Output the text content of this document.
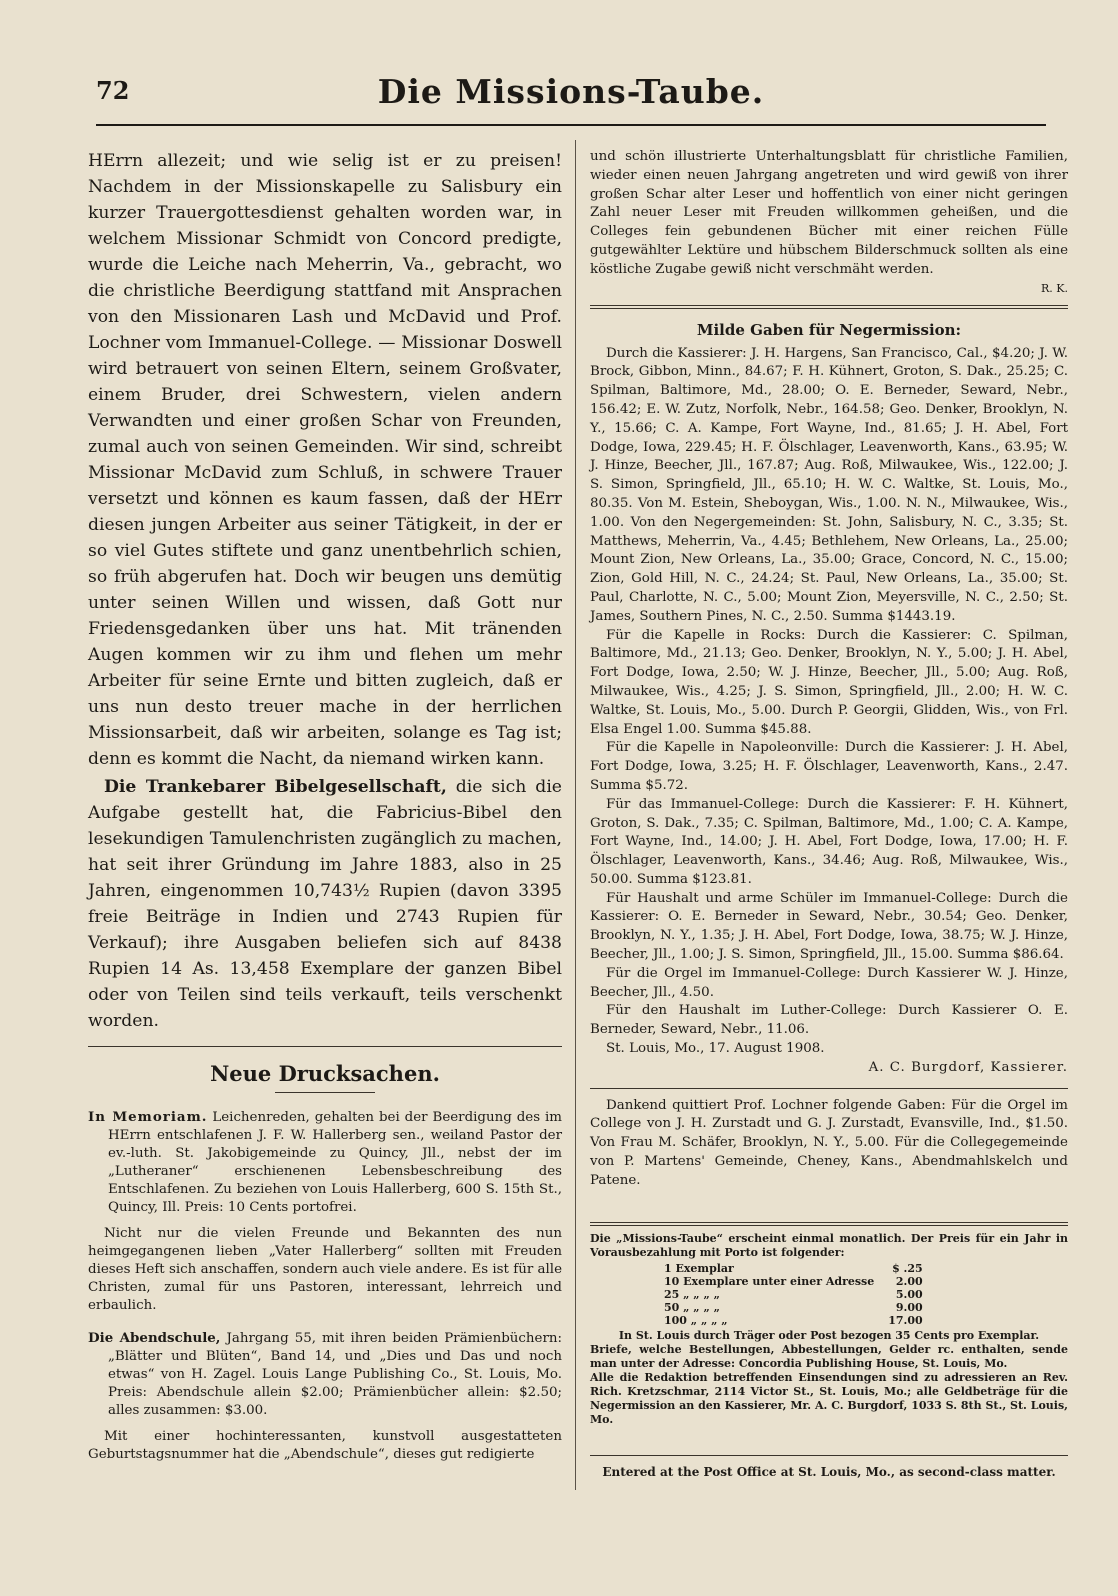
72	Die Missions-Taube.

HErrn allezeit; und wie selig ist er zu preisen! Nachdem in der Missionskapelle zu Salisbury ein kurzer Trauergottesdienst gehalten worden war, in welchem Missionar Schmidt von Concord predigte, wurde die Leiche nach Meherrin, Va., gebracht, wo die christliche Beerdigung stattfand mit Ansprachen von den Missionaren Lash und McDavid und Prof. Lochner vom Immanuel-College. — Missionar Doswell wird betrauert von seinen Eltern, seinem Großvater, einem Bruder, drei Schwestern, vielen andern Verwandten und einer großen Schar von Freunden, zumal auch von seinen Gemeinden. Wir sind, schreibt Missionar McDavid zum Schluß, in schwere Trauer versetzt und können es kaum fassen, daß der HErr diesen jungen Arbeiter aus seiner Tätigkeit, in der er so viel Gutes stiftete und ganz unentbehrlich schien, so früh abgerufen hat. Doch wir beugen uns demütig unter seinen Willen und wissen, daß Gott nur Friedensgedanken über uns hat. Mit tränenden Augen kommen wir zu ihm und flehen um mehr Arbeiter für seine Ernte und bitten zugleich, daß er uns nun desto treuer mache in der herrlichen Missionsarbeit, daß wir arbeiten, solange es Tag ist; denn es kommt die Nacht, da niemand wirken kann.

Die Trankebarer Bibelgesellschaft, die sich die Aufgabe gestellt hat, die Fabricius-Bibel den lesekundigen Tamulenchristen zugänglich zu machen, hat seit ihrer Gründung im Jahre 1883, also in 25 Jahren, eingenommen 10,743½ Rupien (davon 3395 freie Beiträge in Indien und 2743 Rupien für Verkauf); ihre Ausgaben beliefen sich auf 8438 Rupien 14 As. 13,458 Exemplare der ganzen Bibel oder von Teilen sind teils verkauft, teils verschenkt worden.

Neue Drucksachen.

In Memoriam. Leichenreden, gehalten bei der Beerdigung des im HErrn entschlafenen J. F. W. Hallerberg sen., weiland Pastor der ev.-luth. St. Jakobigemeinde zu Quincy, Jll., nebst der im „Lutheraner“ erschienenen Lebensbeschreibung des Entschlafenen. Zu beziehen von Louis Hallerberg, 600 S. 15th St., Quincy, Ill. Preis: 10 Cents portofrei.

Nicht nur die vielen Freunde und Bekannten des nun heimgegangenen lieben „Vater Hallerberg“ sollten mit Freuden dieses Heft sich anschaffen, sondern auch viele andere. Es ist für alle Christen, zumal für uns Pastoren, interessant, lehrreich und erbaulich.

Die Abendschule, Jahrgang 55, mit ihren beiden Prämienbüchern: „Blätter und Blüten“, Band 14, und „Dies und Das und noch etwas“ von H. Zagel. Louis Lange Publishing Co., St. Louis, Mo. Preis: Abendschule allein $2.00; Prämienbücher allein: $2.50; alles zusammen: $3.00.

Mit einer hochinteressanten, kunstvoll ausgestatteten Geburtstagsnummer hat die „Abendschule“, dieses gut redigierte

und schön illustrierte Unterhaltungsblatt für christliche Familien, wieder einen neuen Jahrgang angetreten und wird gewiß von ihrer großen Schar alter Leser und hoffentlich von einer nicht geringen Zahl neuer Leser mit Freuden willkommen geheißen, und die Colleges fein gebundenen Bücher mit einer reichen Fülle gutgewählter Lektüre und hübschem Bilderschmuck sollten als eine köstliche Zugabe gewiß nicht verschmäht werden.

R. K.

Milde Gaben für Negermission:

Durch die Kassierer: J. H. Hargens, San Francisco, Cal., $4.20; J. W. Brock, Gibbon, Minn., 84.67; F. H. Kühnert, Groton, S. Dak., 25.25; C. Spilman, Baltimore, Md., 28.00; O. E. Berneder, Seward, Nebr., 156.42; E. W. Zutz, Norfolk, Nebr., 164.58; Geo. Denker, Brooklyn, N. Y., 15.66; C. A. Kampe, Fort Wayne, Ind., 81.65; J. H. Abel, Fort Dodge, Iowa, 229.45; H. F. Ölschlager, Leavenworth, Kans., 63.95; W. J. Hinze, Beecher, Jll., 167.87; Aug. Roß, Milwaukee, Wis., 122.00; J. S. Simon, Springfield, Jll., 65.10; H. W. C. Waltke, St. Louis, Mo., 80.35. Von M. Estein, Sheboygan, Wis., 1.00. N. N., Milwaukee, Wis., 1.00. Von den Negergemeinden: St. John, Salisbury, N. C., 3.35; St. Matthews, Meherrin, Va., 4.45; Bethlehem, New Orleans, La., 25.00; Mount Zion, New Orleans, La., 35.00; Grace, Concord, N. C., 15.00; Zion, Gold Hill, N. C., 24.24; St. Paul, New Orleans, La., 35.00; St. Paul, Charlotte, N. C., 5.00; Mount Zion, Meyersville, N. C., 2.50; St. James, Southern Pines, N. C., 2.50. Summa $1443.19.

Für die Kapelle in Rocks: Durch die Kassierer: C. Spilman, Baltimore, Md., 21.13; Geo. Denker, Brooklyn, N. Y., 5.00; J. H. Abel, Fort Dodge, Iowa, 2.50; W. J. Hinze, Beecher, Jll., 5.00; Aug. Roß, Milwaukee, Wis., 4.25; J. S. Simon, Springfield, Jll., 2.00; H. W. C. Waltke, St. Louis, Mo., 5.00. Durch P. Georgii, Glidden, Wis., von Frl. Elsa Engel 1.00. Summa $45.88.

Für die Kapelle in Napoleonville: Durch die Kassierer: J. H. Abel, Fort Dodge, Iowa, 3.25; H. F. Ölschlager, Leavenworth, Kans., 2.47. Summa $5.72.

Für das Immanuel-College: Durch die Kassierer: F. H. Kühnert, Groton, S. Dak., 7.35; C. Spilman, Baltimore, Md., 1.00; C. A. Kampe, Fort Wayne, Ind., 14.00; J. H. Abel, Fort Dodge, Iowa, 17.00; H. F. Ölschlager, Leavenworth, Kans., 34.46; Aug. Roß, Milwaukee, Wis., 50.00. Summa $123.81.

Für Haushalt und arme Schüler im Immanuel-College: Durch die Kassierer: O. E. Berneder in Seward, Nebr., 30.54; Geo. Denker, Brooklyn, N. Y., 1.35; J. H. Abel, Fort Dodge, Iowa, 38.75; W. J. Hinze, Beecher, Jll., 1.00; J. S. Simon, Springfield, Jll., 15.00. Summa $86.64.

Für die Orgel im Immanuel-College: Durch Kassierer W. J. Hinze, Beecher, Jll., 4.50.

Für den Haushalt im Luther-College: Durch Kassierer O. E. Berneder, Seward, Nebr., 11.06.

St. Louis, Mo., 17. August 1908.

A. C. Burgdorf, Kassierer.

Dankend quittiert Prof. Lochner folgende Gaben: Für die Orgel im College von J. H. Zurstadt und G. J. Zurstadt, Evansville, Ind., $1.50. Von Frau M. Schäfer, Brooklyn, N. Y., 5.00. Für die Collegegemeinde von P. Martens' Gemeinde, Cheney, Kans., Abendmahlskelch und Patene.

Die „Missions-Taube“ erscheint einmal monatlich. Der Preis für ein Jahr in Vorausbezahlung mit Porto ist folgender:

1 Exemplar	$ .25
10 Exemplare unter einer Adresse	2.00
25 „ „ „ „	5.00
50 „ „ „ „	9.00
100 „ „ „ „	17.00

In St. Louis durch Träger oder Post bezogen 35 Cents pro Exemplar.

Briefe, welche Bestellungen, Abbestellungen, Gelder rc. enthalten, sende man unter der Adresse: Concordia Publishing House, St. Louis, Mo.

Alle die Redaktion betreffenden Einsendungen sind zu adressieren an Rev. Rich. Kretzschmar, 2114 Victor St., St. Louis, Mo.; alle Geldbeträge für die Negermission an den Kassierer, Mr. A. C. Burgdorf, 1033 S. 8th St., St. Louis, Mo.

Entered at the Post Office at St. Louis, Mo., as second-class matter.
